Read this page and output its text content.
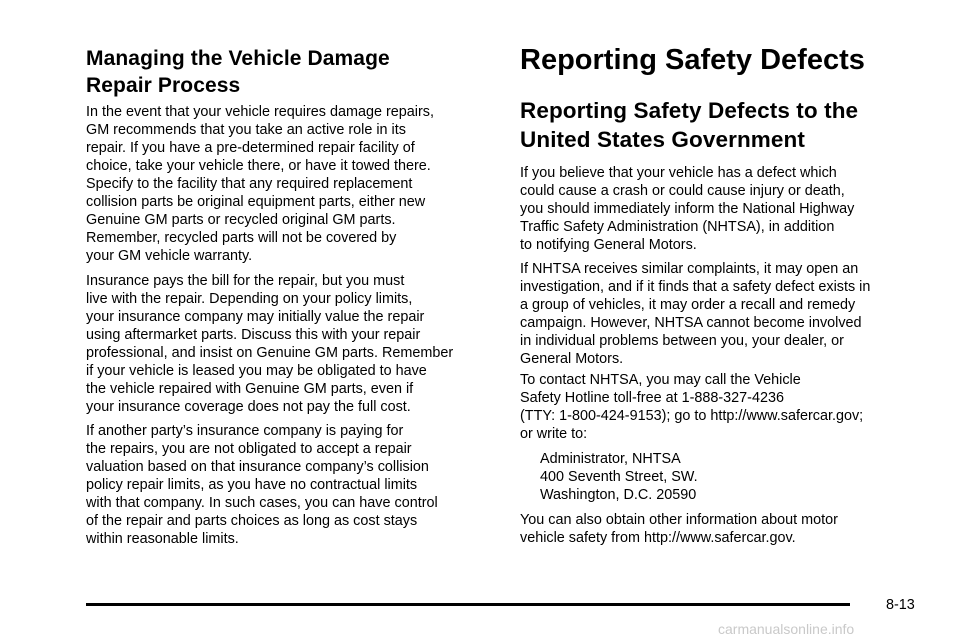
Managing the Vehicle Damage
Repair Process

In the event that your vehicle requires damage repairs,
GM recommends that you take an active role in its
repair. If you have a pre-determined repair facility of
choice, take your vehicle there, or have it towed there.
Specify to the facility that any required replacement
collision parts be original equipment parts, either new
Genuine GM parts or recycled original GM parts.
Remember, recycled parts will not be covered by
your GM vehicle warranty.

Insurance pays the bill for the repair, but you must
live with the repair. Depending on your policy limits,
your insurance company may initially value the repair
using aftermarket parts. Discuss this with your repair
professional, and insist on Genuine GM parts. Remember
if your vehicle is leased you may be obligated to have
the vehicle repaired with Genuine GM parts, even if
your insurance coverage does not pay the full cost.

If another party’s insurance company is paying for
the repairs, you are not obligated to accept a repair
valuation based on that insurance company’s collision
policy repair limits, as you have no contractual limits
with that company. In such cases, you can have control
of the repair and parts choices as long as cost stays
within reasonable limits.

Reporting Safety Defects
Reporting Safety Defects to the
United States Government

If you believe that your vehicle has a defect which
could cause a crash or could cause injury or death,
you should immediately inform the National Highway
Traffic Safety Administration (NHTSA), in addition
to notifying General Motors.

If NHTSA receives similar complaints, it may open an
investigation, and if it finds that a safety defect exists in
a group of vehicles, it may order a recall and remedy
campaign. However, NHTSA cannot become involved
in individual problems between you, your dealer, or
General Motors.

To contact NHTSA, you may call the Vehicle
Safety Hotline toll-free at 1-888-327-4236
(TTY: 1-800-424-9153); go to http://www.safercar.gov;
or write to:

Administrator, NHTSA
400 Seventh Street, SW.
Washington, D.C. 20590

You can also obtain other information about motor
vehicle safety from http://www.safercar.gov.

8-13
carmanualsonline.info
